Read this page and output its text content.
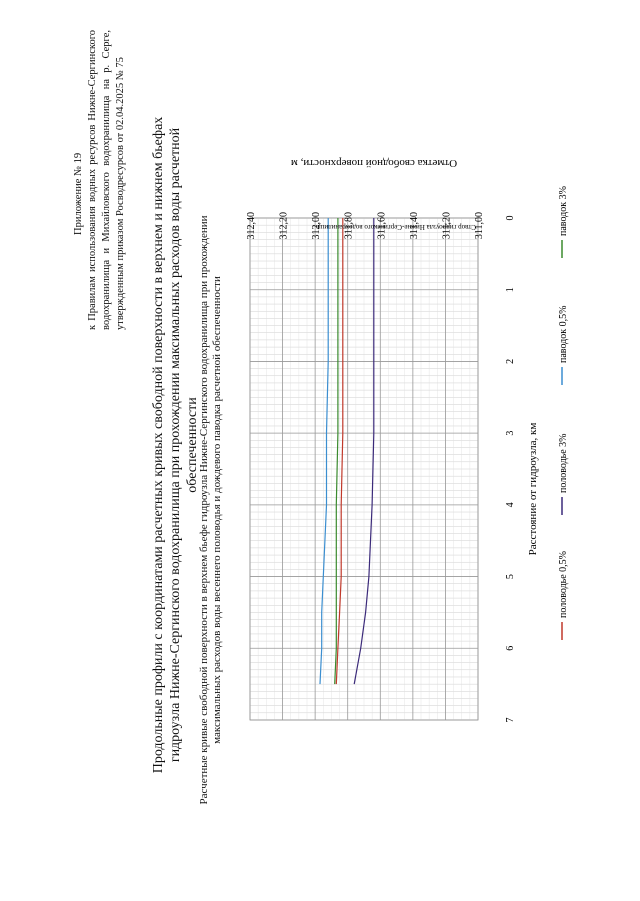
Приложение № 19 к Правилам использования водных ресурсов Нижне-Сергинского водохранилища и Михайловского водохранилища на р. Серге, утвержденным приказом Росводресурсов от 02.04.2025 № 75 Продольные профили с координатами расчетных кривых свободной поверхности в верхнем и нижнем бьефах гидроузла Нижне-Сергинского водохранилища при прохождении максимальных расходов воды расчетной обеспеченности
Расчетные кривые свободной поверхности в верхнем бьефе гидроузла Нижне-Сергинского водохранилища при прохождении максимальных расходов воды весеннего половодья и дождевого паводка расчетной обеспеченности
0
1
2
3
4
5
6
7
311,00
311,20
311,40
311,60
311,80
312,00
312,20
312,40	Створ гидроузла Нижне-Сергинского водохранилища
Отметка свободной поверхности, м
Расстояние от гидроузла, км
половодье 0,5%
половодье 3%
паводок 0,5%
паводок 3%
